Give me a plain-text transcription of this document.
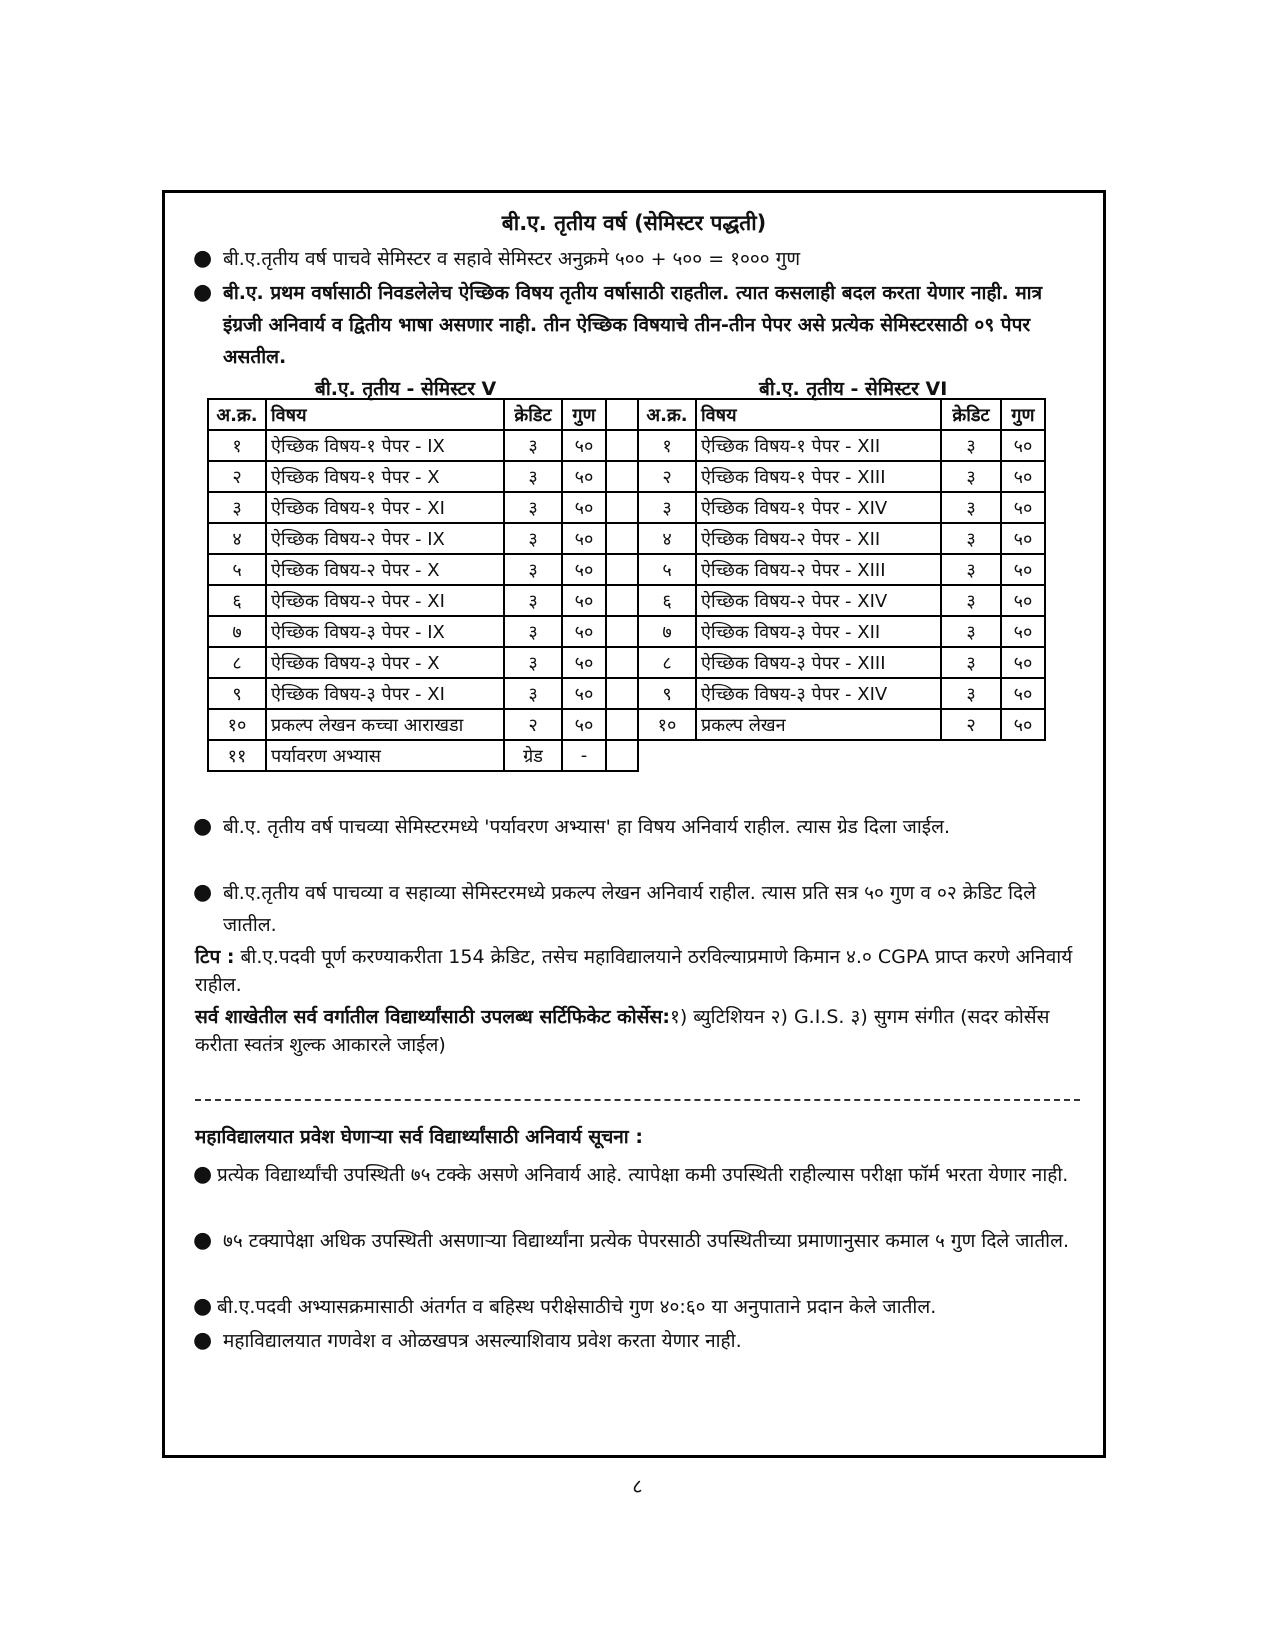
बी.ए. तृतीय वर्ष (सेमिस्टर पद्धती)
● बी.ए.तृतीय वर्ष पाचवे सेमिस्टर व सहावे सेमिस्टर अनुक्रमे ५०० + ५०० = १००० गुण
● बी.ए. प्रथम वर्षासाठी निवडलेलेच ऐच्छिक विषय तृतीय वर्षासाठी राहतील. त्यात कसलाही बदल करता येणार नाही. मात्र इंग्रजी अनिवार्य व द्वितीय भाषा असणार नाही. तीन ऐच्छिक विषयाचे तीन-तीन पेपर असे प्रत्येक सेमिस्टरसाठी ०९ पेपर असतील.
बी.ए. तृतीय - सेमिस्टर V	बी.ए. तृतीय - सेमिस्टर VI
अ.क्र.	विषय	क्रेडिट	गुण	
१	ऐच्छिक विषय-१ पेपर - IX	३	५०	
२	ऐच्छिक विषय-१ पेपर - X	३	५०	
३	ऐच्छिक विषय-१ पेपर - XI	३	५०	
४	ऐच्छिक विषय-२ पेपर - IX	३	५०	
५	ऐच्छिक विषय-२ पेपर - X	३	५०	
६	ऐच्छिक विषय-२ पेपर - XI	३	५०	
७	ऐच्छिक विषय-३ पेपर - IX	३	५०	
८	ऐच्छिक विषय-३ पेपर - X	३	५०	
९	ऐच्छिक विषय-३ पेपर - XI	३	५०	
१०	प्रकल्प लेखन कच्चा आराखडा	२	५०	
११	पर्यावरण अभ्यास	ग्रेड	-	
अ.क्र.	विषय	क्रेडिट	गुण
१	ऐच्छिक विषय-१ पेपर - XII	३	५०
२	ऐच्छिक विषय-१ पेपर - XIII	३	५०
३	ऐच्छिक विषय-१ पेपर - XIV	३	५०
४	ऐच्छिक विषय-२ पेपर - XII	३	५०
५	ऐच्छिक विषय-२ पेपर - XIII	३	५०
६	ऐच्छिक विषय-२ पेपर - XIV	३	५०
७	ऐच्छिक विषय-३ पेपर - XII	३	५०
८	ऐच्छिक विषय-३ पेपर - XIII	३	५०
९	ऐच्छिक विषय-३ पेपर - XIV	३	५०
१०	प्रकल्प लेखन	२	५०
● बी.ए. तृतीय वर्ष पाचव्या सेमिस्टरमध्ये 'पर्यावरण अभ्यास' हा विषय अनिवार्य राहील. त्यास ग्रेड दिला जाईल.
● बी.ए.तृतीय वर्ष पाचव्या व सहाव्या सेमिस्टरमध्ये प्रकल्प लेखन अनिवार्य राहील. त्यास प्रति सत्र ५० गुण व ०२ क्रेडिट दिले जातील.
टिप : बी.ए.पदवी पूर्ण करण्याकरीता 154 क्रेडिट, तसेच महाविद्यालयाने ठरविल्याप्रमाणे किमान ४.० CGPA प्राप्त करणे अनिवार्य राहील.
सर्व शाखेतील सर्व वर्गातील विद्यार्थ्यांसाठी उपलब्ध सर्टिफिकेट कोर्सेस:१) ब्युटिशियन २) G.I.S. ३) सुगम संगीत (सदर कोर्सेस करीता स्वतंत्र शुल्क आकारले जाईल)
महाविद्यालयात प्रवेश घेणाऱ्या सर्व विद्यार्थ्यांसाठी अनिवार्य सूचना :
● प्रत्येक विद्यार्थ्यांची उपस्थिती ७५ टक्के असणे अनिवार्य आहे. त्यापेक्षा कमी उपस्थिती राहील्यास परीक्षा फॉर्म भरता येणार नाही.
● ७५ टक्यापेक्षा अधिक उपस्थिती असणाऱ्या विद्यार्थ्यांना प्रत्येक पेपरसाठी उपस्थितीच्या प्रमाणानुसार कमाल ५ गुण दिले जातील.
● बी.ए.पदवी अभ्यासक्रमासाठी अंतर्गत व बहिस्थ परीक्षेसाठीचे गुण ४०:६० या अनुपाताने प्रदान केले जातील.
● महाविद्यालयात गणवेश व ओळखपत्र असल्याशिवाय प्रवेश करता येणार नाही.
८
